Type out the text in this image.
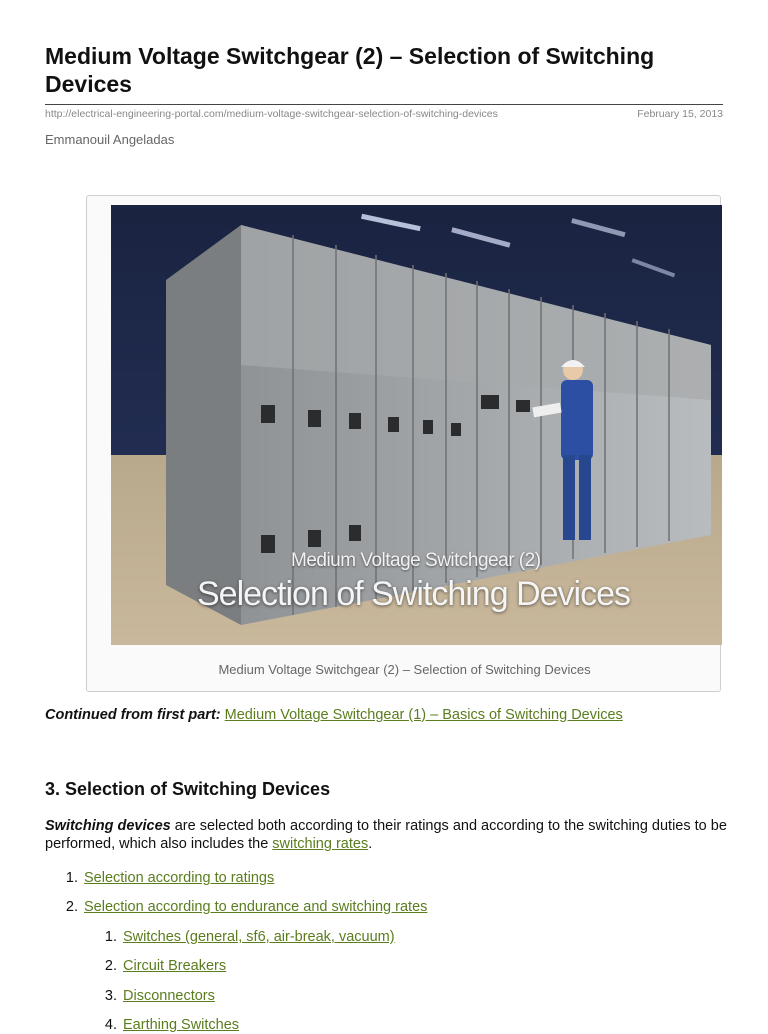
Medium Voltage Switchgear (2) – Selection of Switching Devices
http://electrical-engineering-portal.com/medium-voltage-switchgear-selection-of-switching-devices	February 15, 2013
Emmanouil Angeladas
Medium Voltage Switchgear (2)
Selection of Switching Devices
Medium Voltage Switchgear (2) – Selection of Switching Devices
Continued from first part: Medium Voltage Switchgear (1) – Basics of Switching Devices
3. Selection of Switching Devices

Switching devices are selected both according to their ratings and according to the switching duties to be performed, which also includes the switching rates.

1. Selection according to ratings
2. Selection according to endurance and switching rates
1. Switches (general, sf6, air-break, vacuum)
2. Circuit Breakers
3. Disconnectors
4. Earthing Switches
